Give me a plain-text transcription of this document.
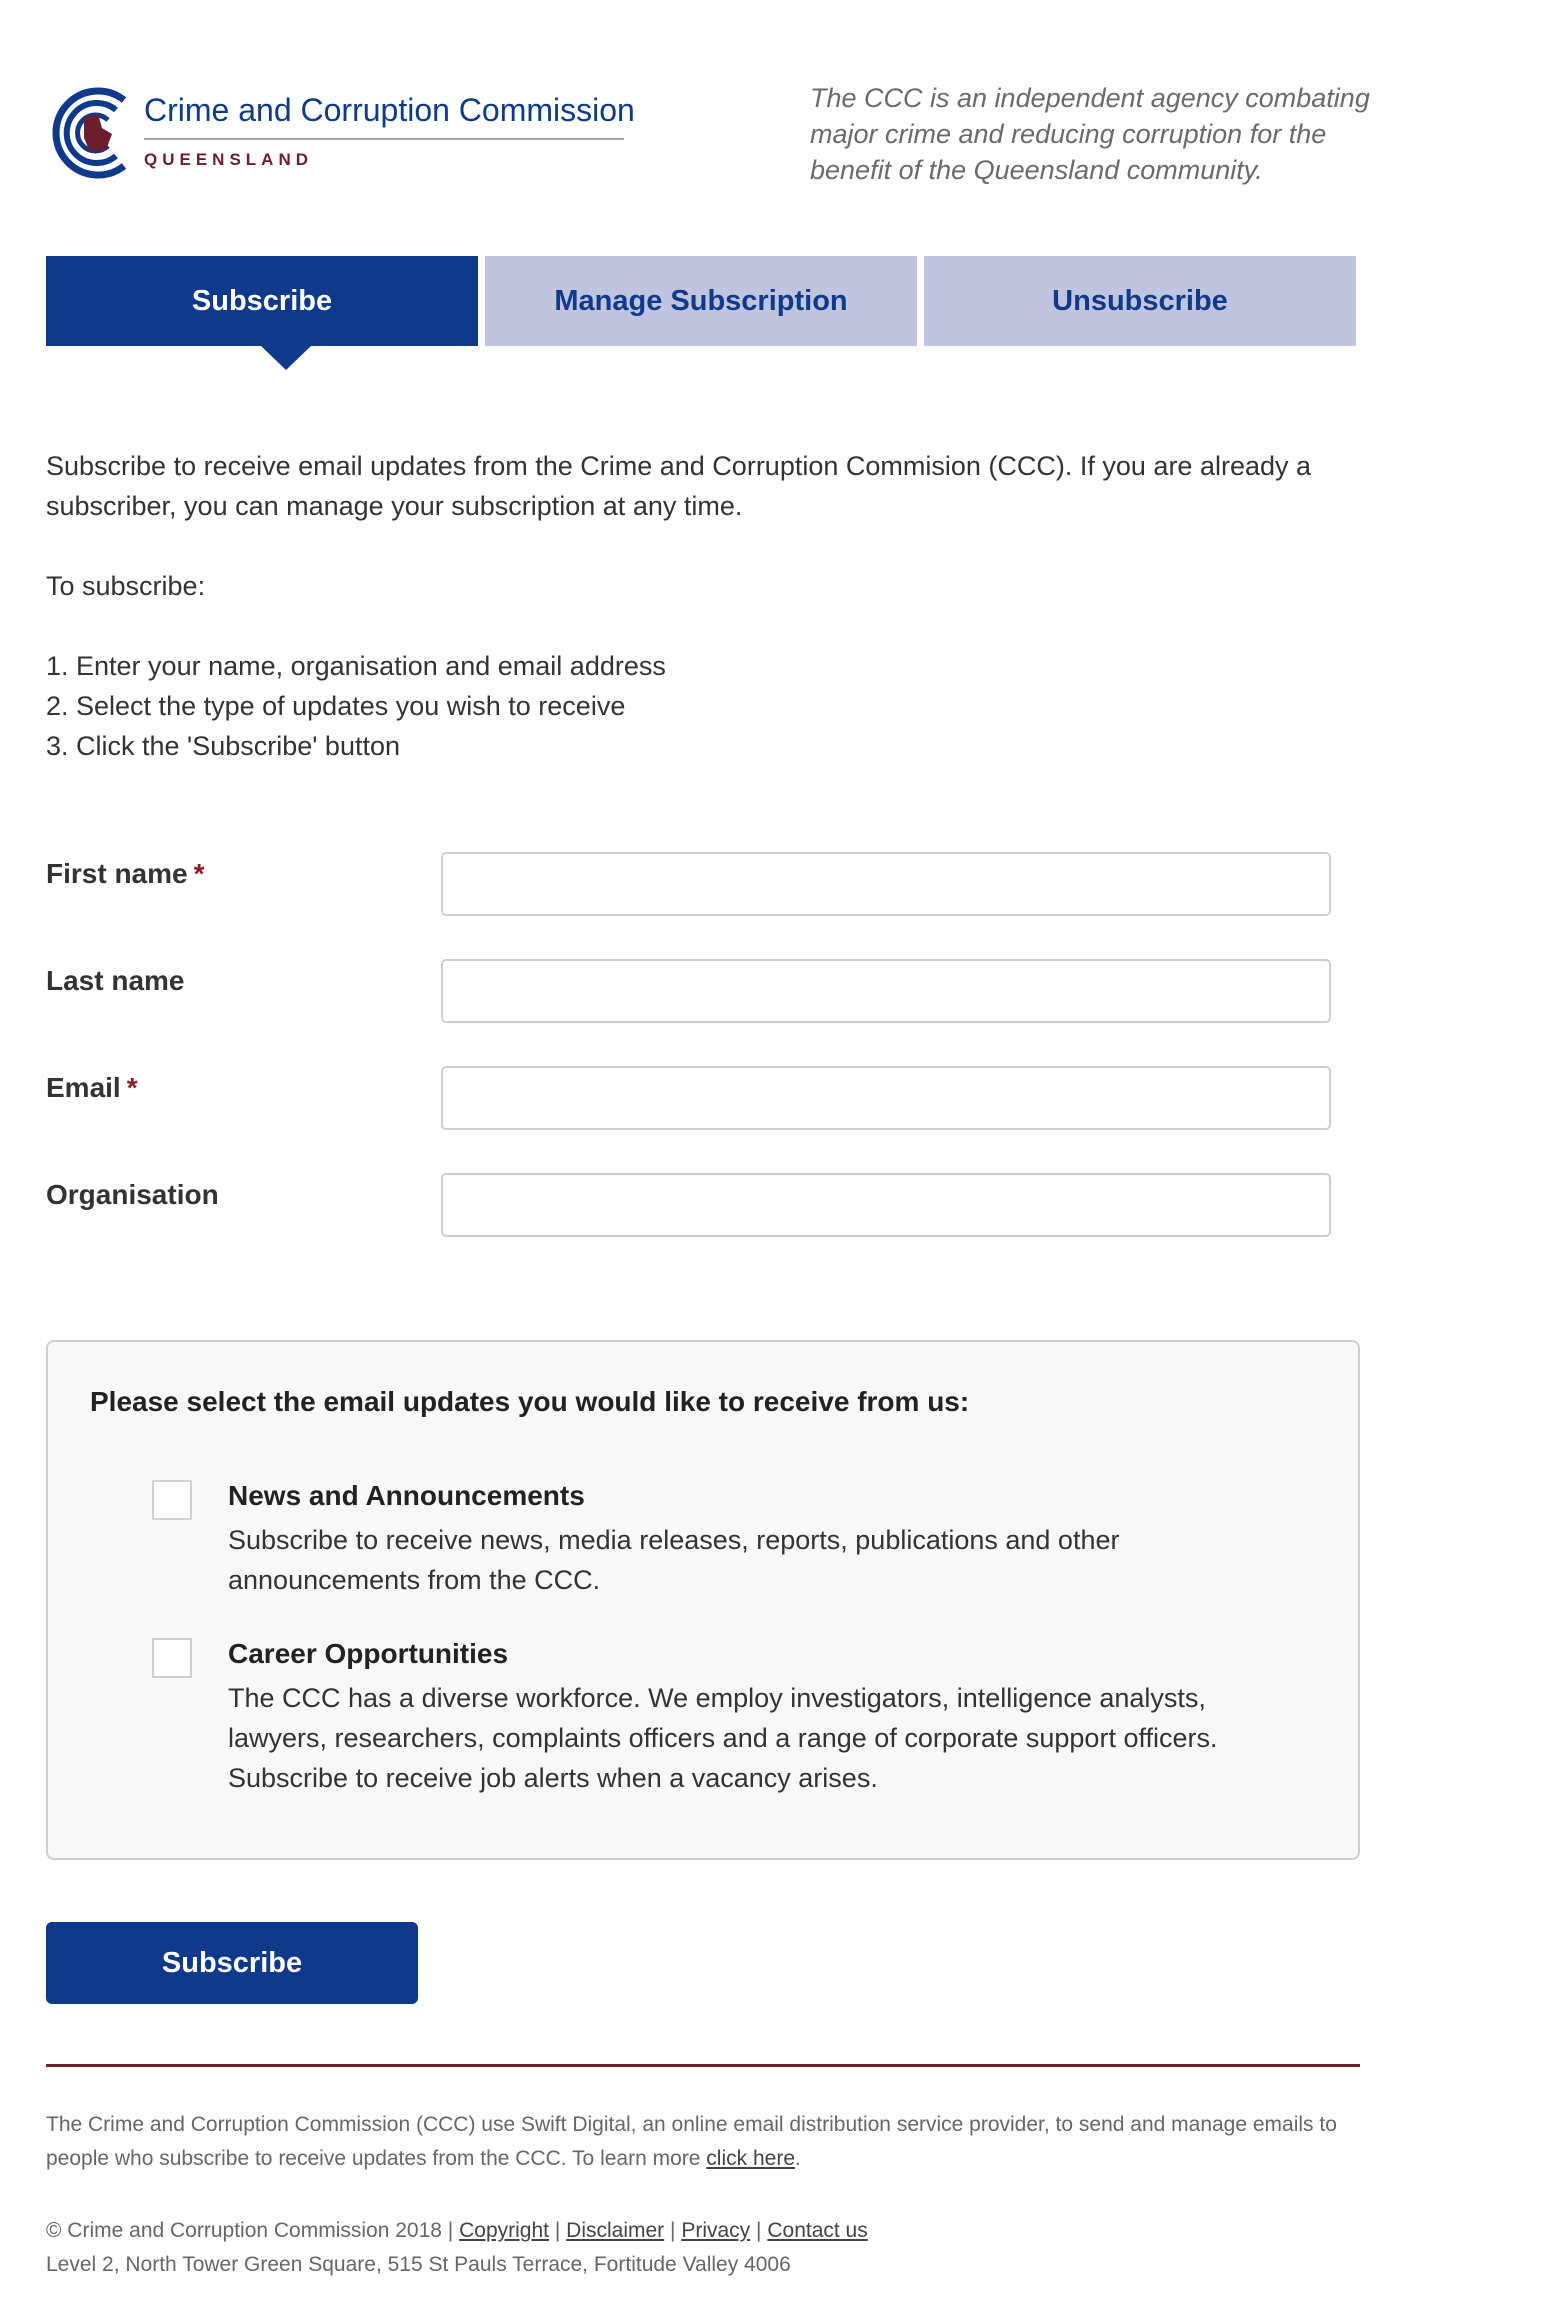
Crime and Corruption Commission
QUEENSLAND
The CCC is an independent agency combating major crime and reducing corruption for the benefit of the Queensland community.
Subscribe	Manage Subscription	Unsubscribe

Subscribe to receive email updates from the Crime and Corruption Commision (CCC). If you are already a subscriber, you can manage your subscription at any time.

To subscribe:

1. Enter your name, organisation and email address

2. Select the type of updates you wish to receive

3. Click the 'Subscribe' button

First name *
Last name
Email *
Organisation
Please select the email updates you would like to receive from us:
News and Announcements
Subscribe to receive news, media releases, reports, publications and other announcements from the CCC.
Career Opportunities
The CCC has a diverse workforce. We employ investigators, intelligence analysts, lawyers, researchers, complaints officers and a range of corporate support officers. Subscribe to receive job alerts when a vacancy arises.
Subscribe
The Crime and Corruption Commission (CCC) use Swift Digital, an online email distribution service provider, to send and manage emails to people who subscribe to receive updates from the CCC. To learn more click here.
© Crime and Corruption Commission 2018 | Copyright | Disclaimer | Privacy | Contact us
Level 2, North Tower Green Square, 515 St Pauls Terrace, Fortitude Valley 4006
